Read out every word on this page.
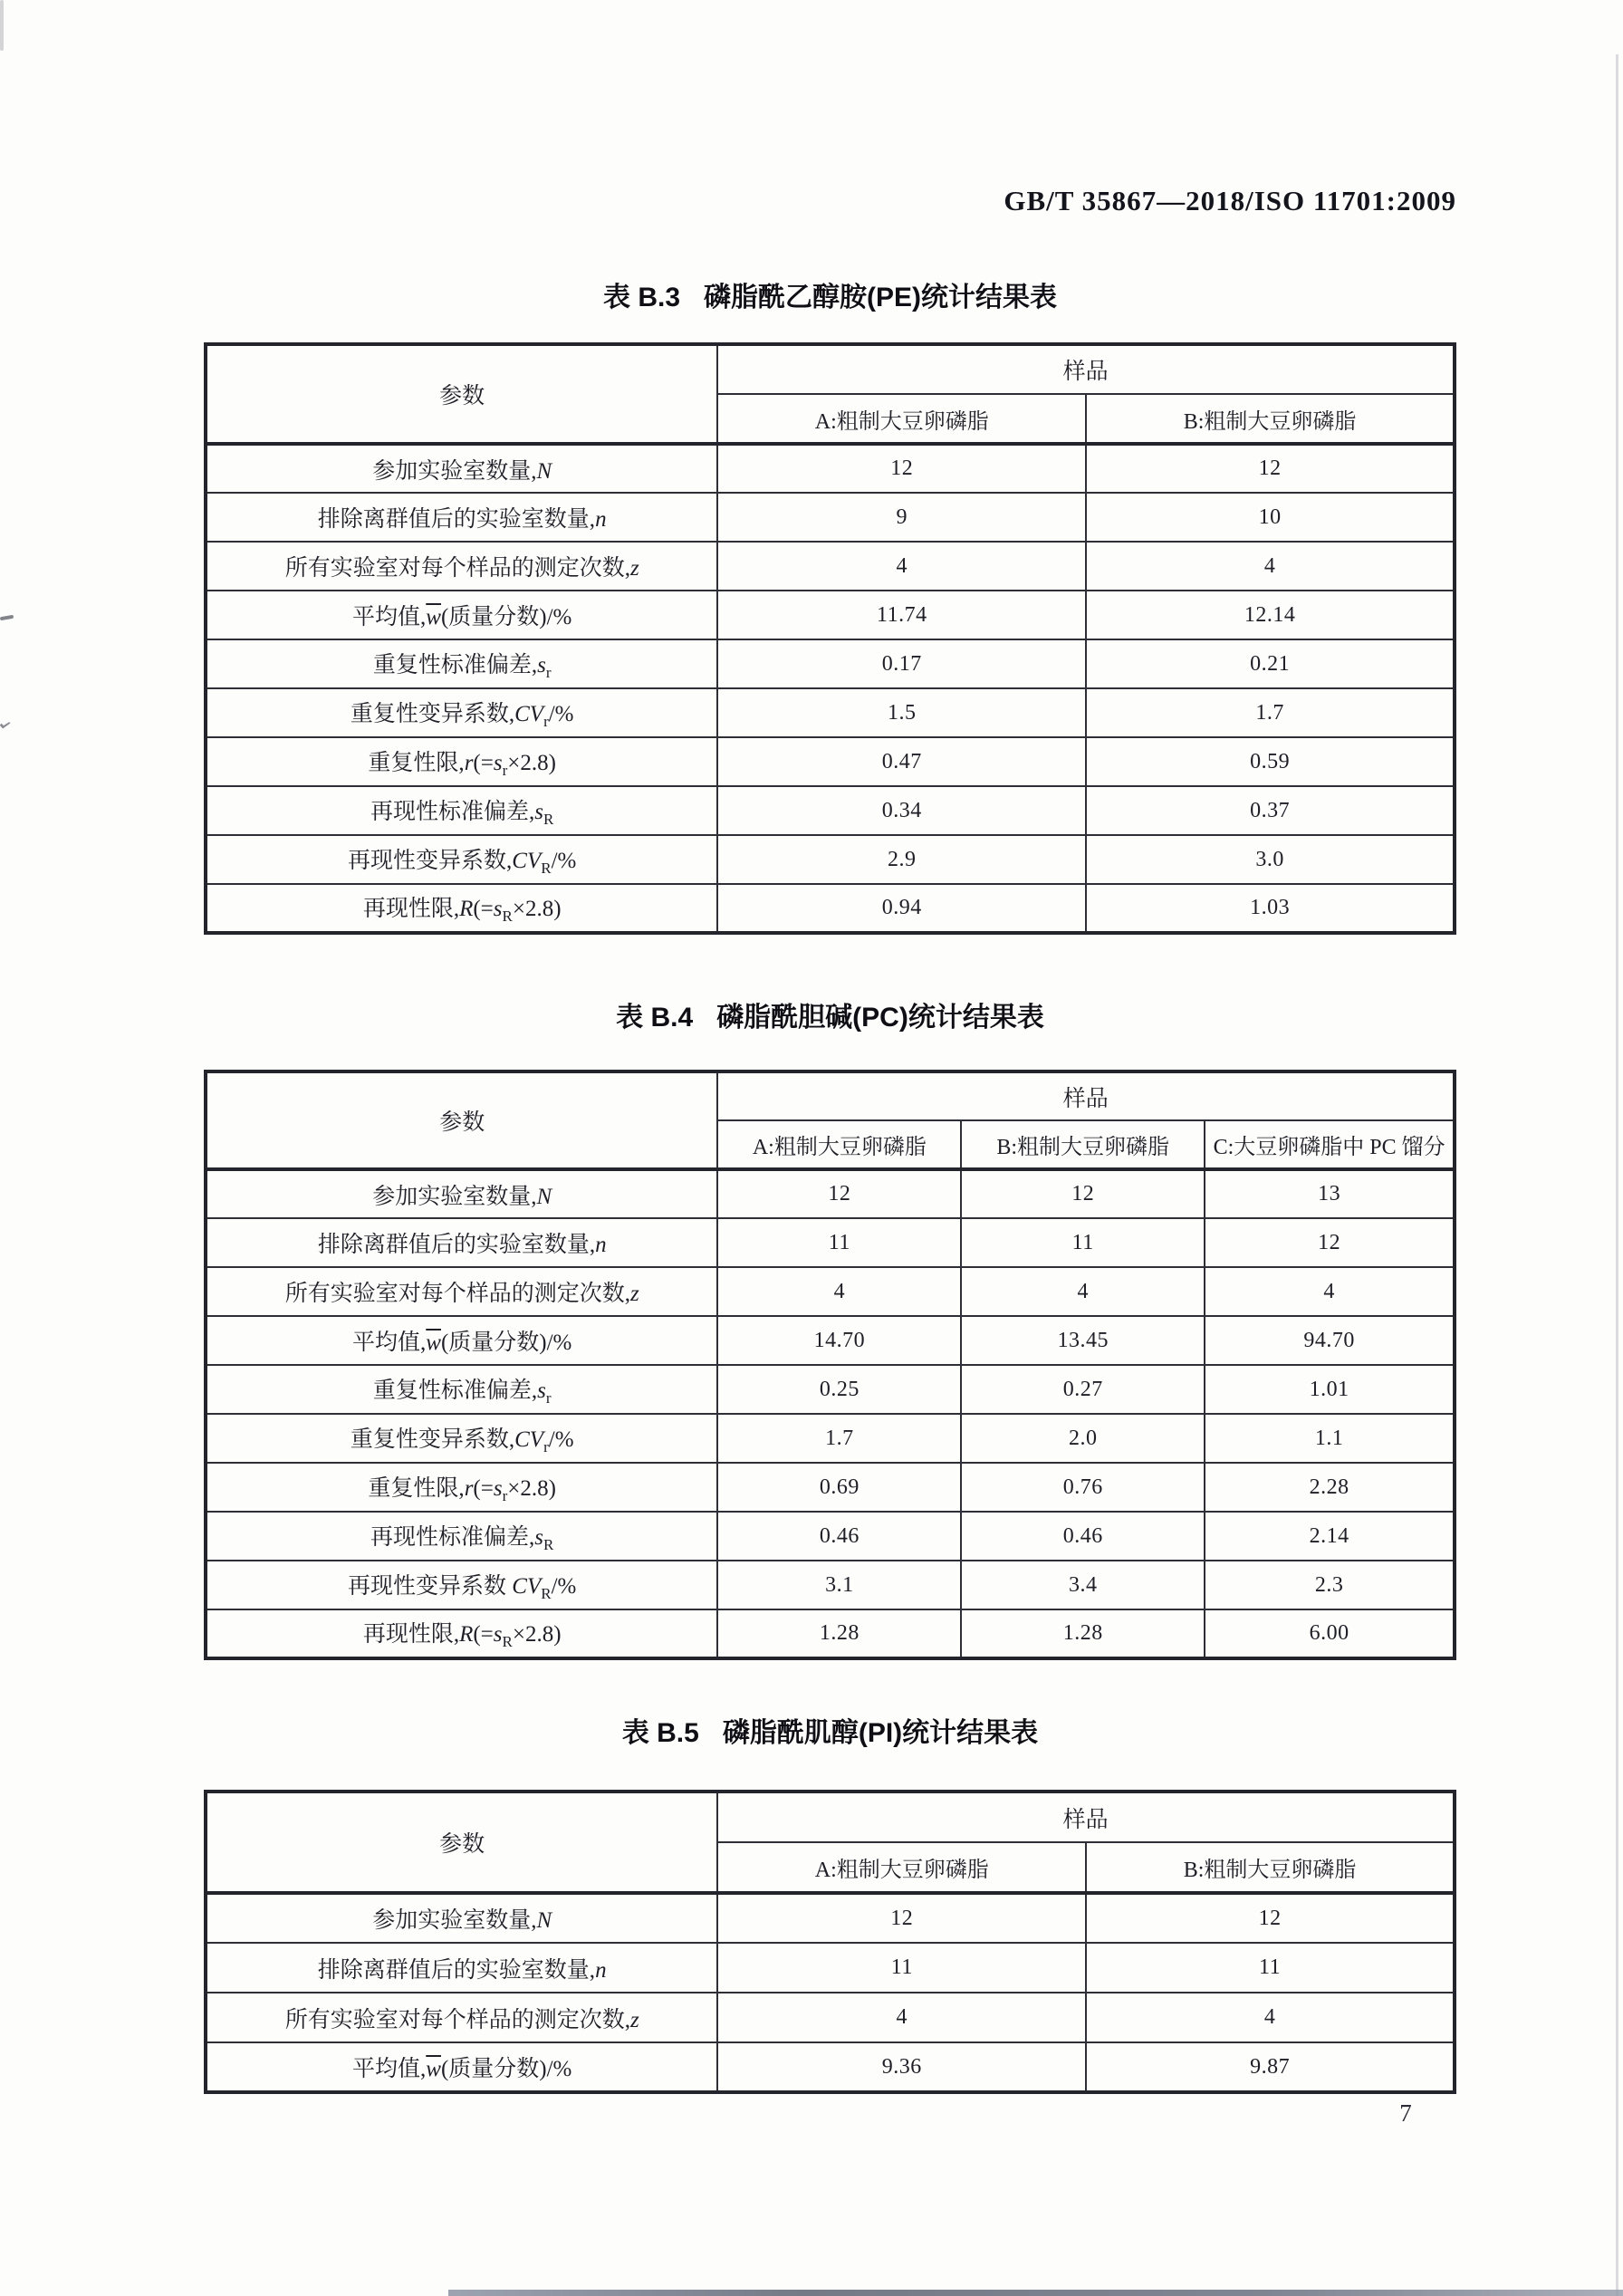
GB/T 35867—2018/ISO 11701:2009
表 B.3 磷脂酰乙醇胺(PE)统计结果表
参数	样品	
	A:粗制大豆卵磷脂	B:粗制大豆卵磷脂
参加实验室数量,N	12	12
排除离群值后的实验室数量,n	9	10
所有实验室对每个样品的测定次数,z	4	4
平均值$,\overline{w}$(质量分数)/%	11.74	12.14
重复性标准偏差$,s_r$	0.17	0.21
重复性变异系数$,CV_r/\%$	1.5	1.7
重复性限$,r(=s_r\times 2.8)$	0.47	0.59
再现性标准偏差$,s_R$	0.34	0.37
再现性变异系数$,CV_R/\%$	2.9	3.0
再现性限$,R(=s_R\times 2.8)$	0.94	1.03
表 B.4 磷脂酰胆碱(PC)统计结果表
参数	样品		
	A:粗制大豆卵磷脂	B:粗制大豆卵磷脂	C:大豆卵磷脂中 PC 馏分
参加实验室数量,N	12	12	13
排除离群值后的实验室数量,n	11	11	12
所有实验室对每个样品的测定次数,z	4	4	4
平均值$,\overline{w}$(质量分数)/%	14.70	13.45	94.70
重复性标准偏差$,s_r$	0.25	0.27	1.01
重复性变异系数$,CV_r/\%$	1.7	2.0	1.1
重复性限$,r(=s_r\times 2.8)$	0.69	0.76	2.28
再现性标准偏差$,s_R$	0.46	0.46	2.14
再现性变异系数 $CV_R/\%$	3.1	3.4	2.3
再现性限$,R(=s_R\times 2.8)$	1.28	1.28	6.00
表 B.5 磷脂酰肌醇(PI)统计结果表
参数	样品	
	A:粗制大豆卵磷脂	B:粗制大豆卵磷脂
参加实验室数量,N	12	12
排除离群值后的实验室数量,n	11	11
所有实验室对每个样品的测定次数,z	4	4
平均值$,\overline{w}$(质量分数)/%	9.36	9.87
7
